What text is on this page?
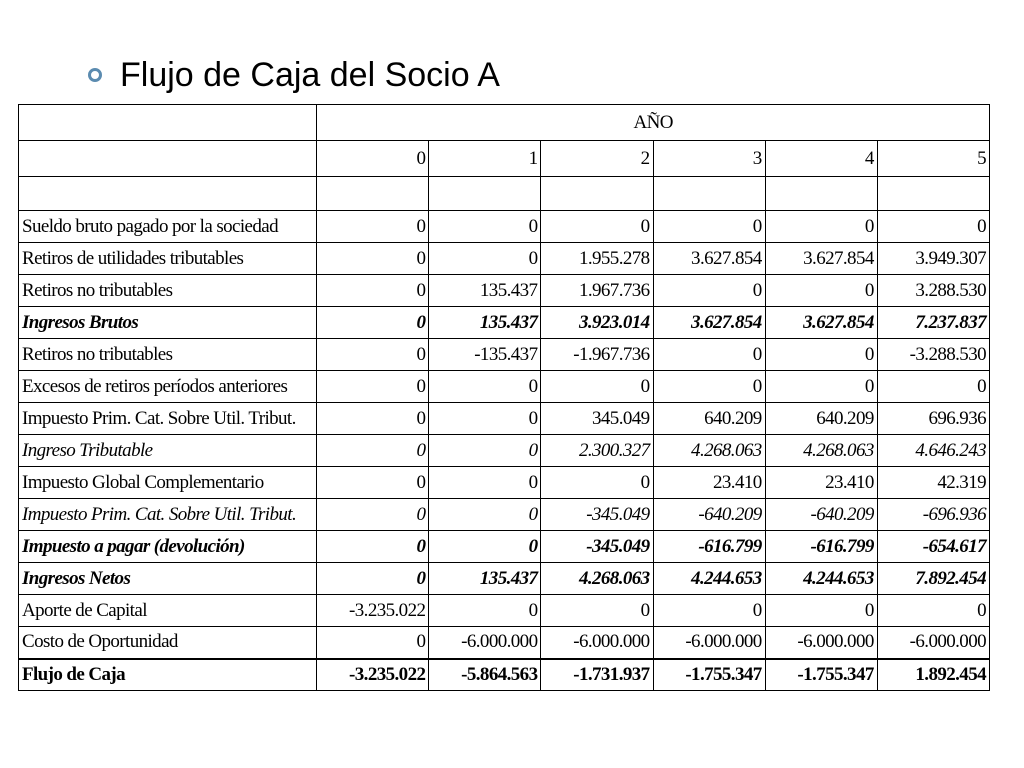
Flujo de Caja del Socio A
	AÑO					
	0	1	2	3	4	5

Sueldo bruto pagado por la sociedad	0	0	0	0	0	0
Retiros de utilidades tributables	0	0	1.955.278	3.627.854	3.627.854	3.949.307
Retiros no tributables	0	135.437	1.967.736	0	0	3.288.530
Ingresos Brutos	0	135.437	3.923.014	3.627.854	3.627.854	7.237.837
Retiros no tributables	0	-135.437	-1.967.736	0	0	-3.288.530
Excesos de retiros períodos anteriores	0	0	0	0	0	0
Impuesto Prim. Cat. Sobre Util. Tribut.	0	0	345.049	640.209	640.209	696.936
Ingreso Tributable	0	0	2.300.327	4.268.063	4.268.063	4.646.243
Impuesto Global Complementario	0	0	0	23.410	23.410	42.319
Impuesto Prim. Cat. Sobre Util. Tribut.	0	0	-345.049	-640.209	-640.209	-696.936
Impuesto a pagar (devolución)	0	0	-345.049	-616.799	-616.799	-654.617
Ingresos Netos	0	135.437	4.268.063	4.244.653	4.244.653	7.892.454
Aporte de Capital	-3.235.022	0	0	0	0	0
Costo de Oportunidad	0	-6.000.000	-6.000.000	-6.000.000	-6.000.000	-6.000.000
Flujo de Caja	-3.235.022	-5.864.563	-1.731.937	-1.755.347	-1.755.347	1.892.454
